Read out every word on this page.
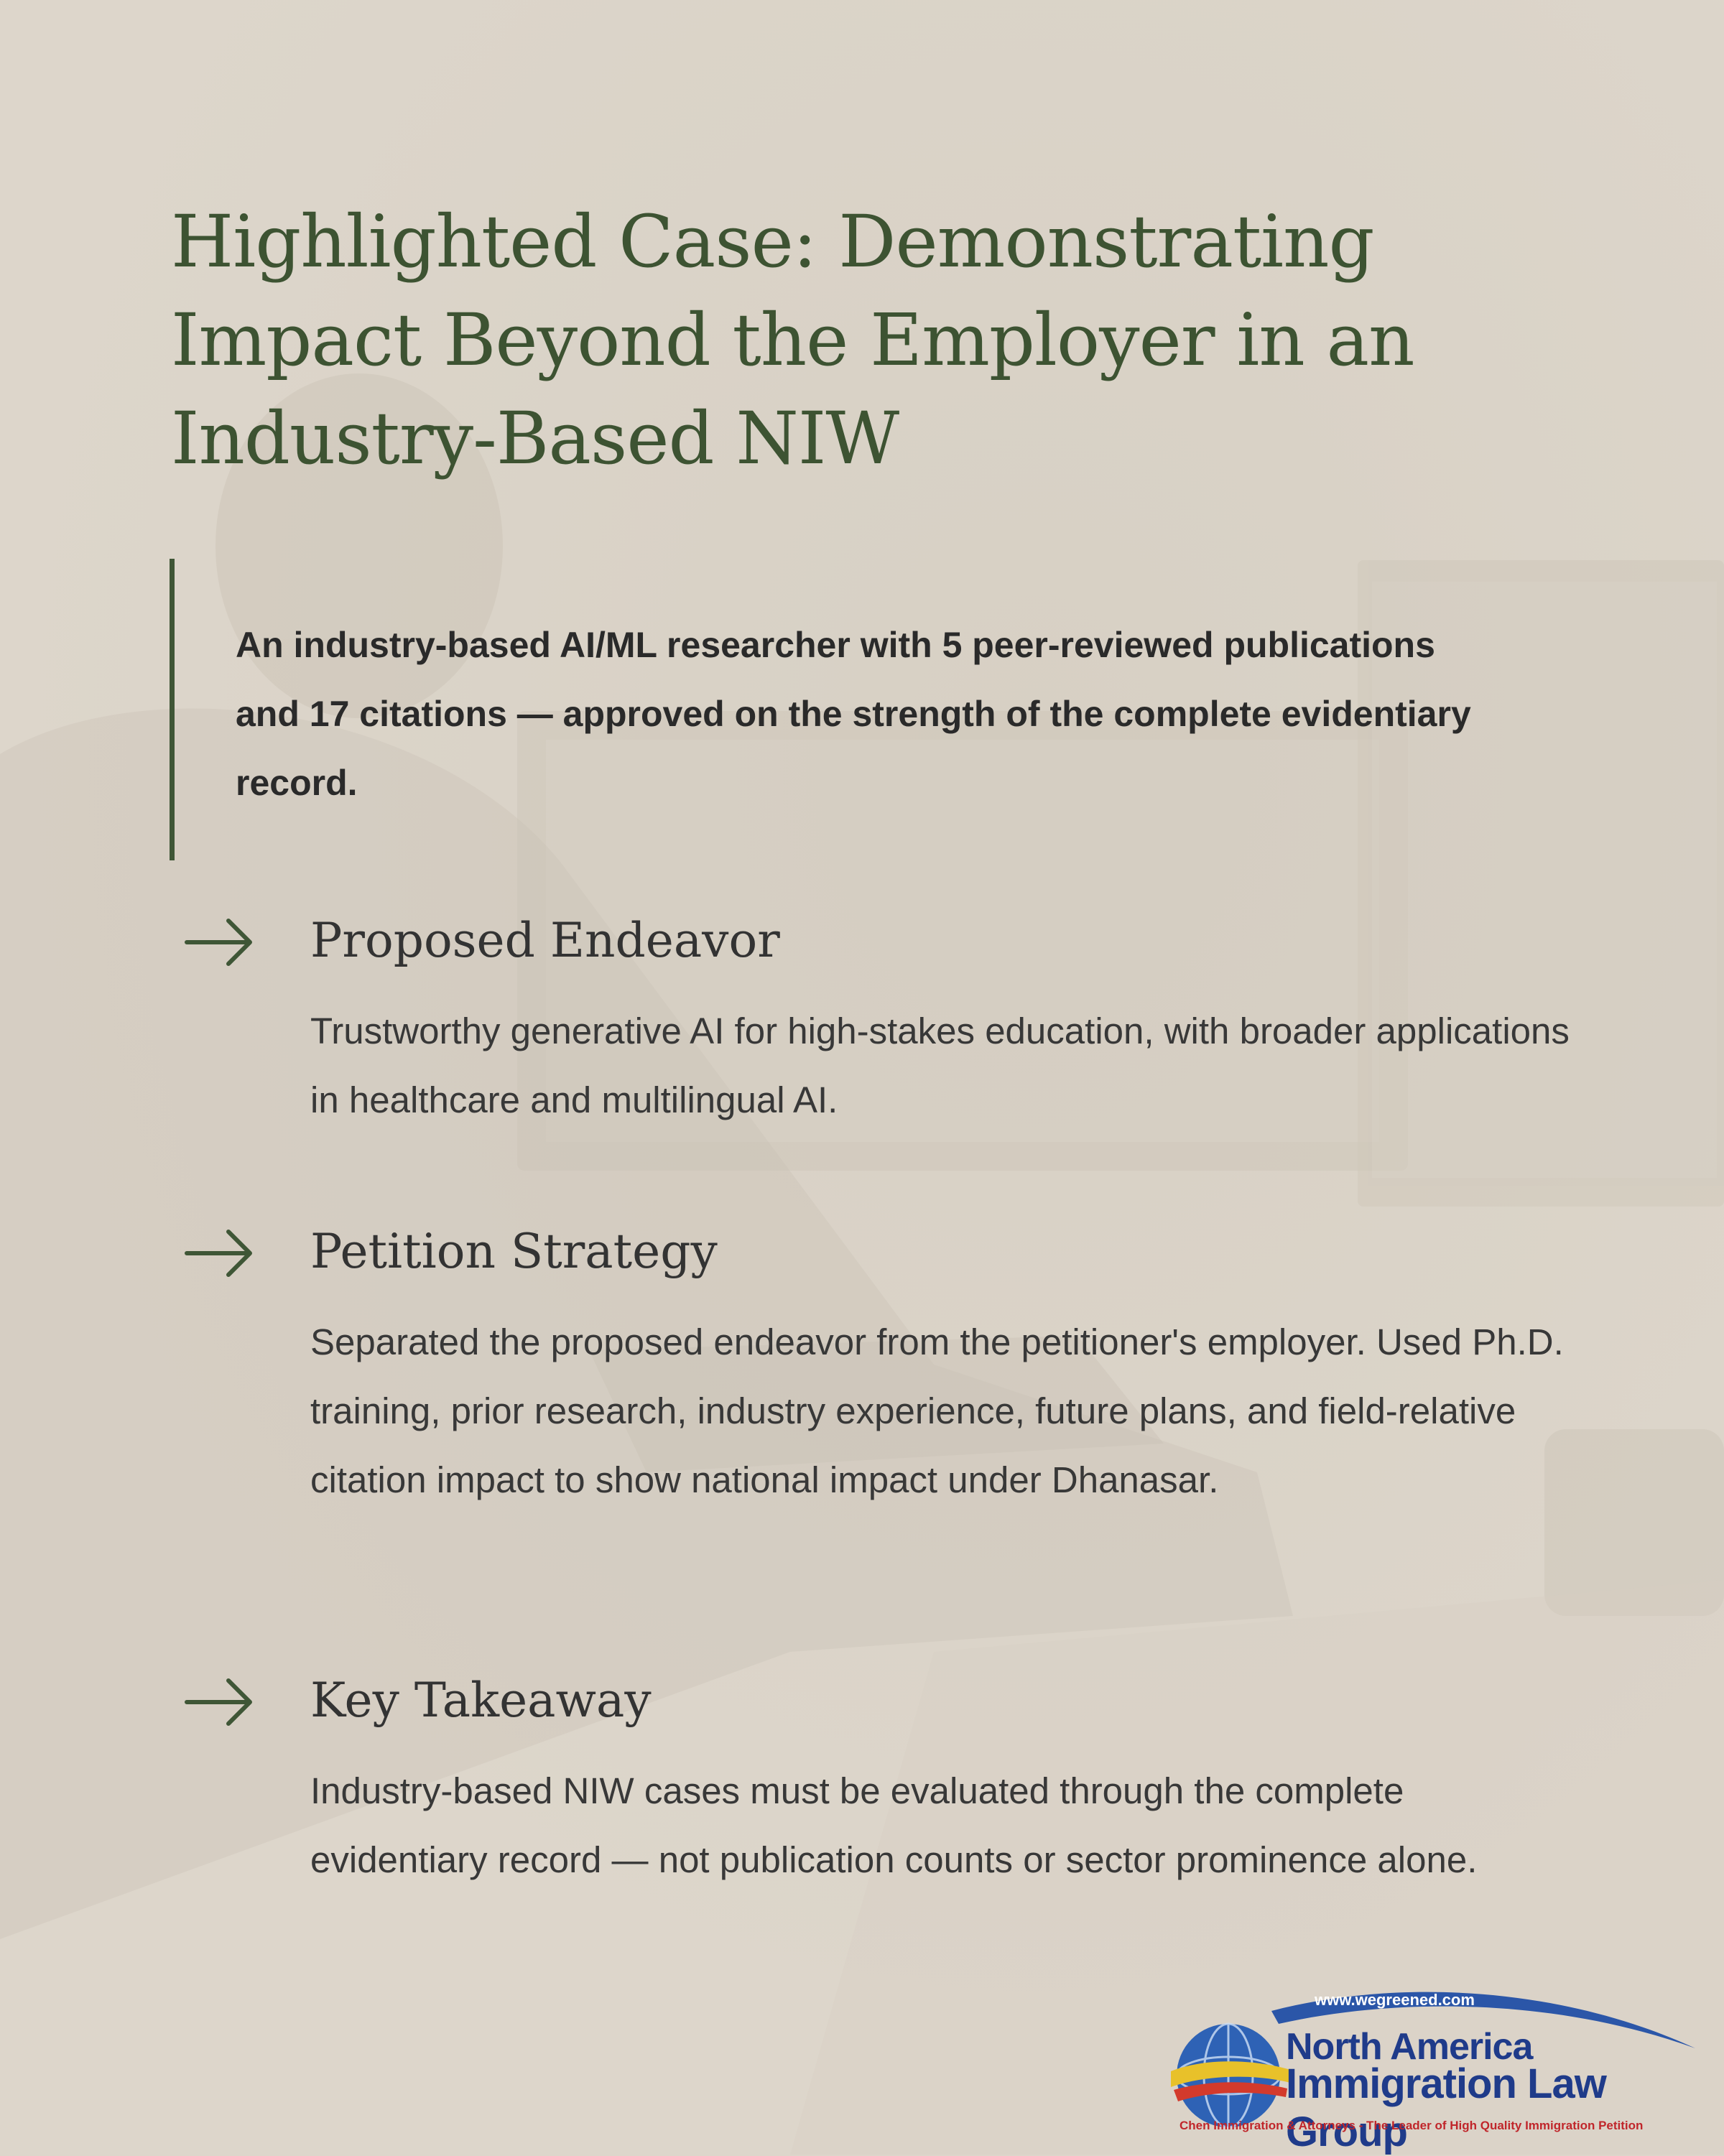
Highlighted Case: Demonstrating Impact Beyond the Employer in an Industry-Based NIW

An industry-based AI/ML researcher with 5 peer-reviewed publications and 17 citations — approved on the strength of the complete evidentiary record.

Proposed Endeavor

Trustworthy generative AI for high-stakes education, with broader applications in healthcare and multilingual AI.

Petition Strategy

Separated the proposed endeavor from the petitioner's employer. Used Ph.D. training, prior research, industry experience, future plans, and field-relative citation impact to show national impact under Dhanasar.

Key Takeaway

Industry-based NIW cases must be evaluated through the complete evidentiary record — not publication counts or sector prominence alone.

www.wegreened.com
North America
Immigration Law Group
Chen Immigration & Attorneys - The Leader of High Quality Immigration Petition
